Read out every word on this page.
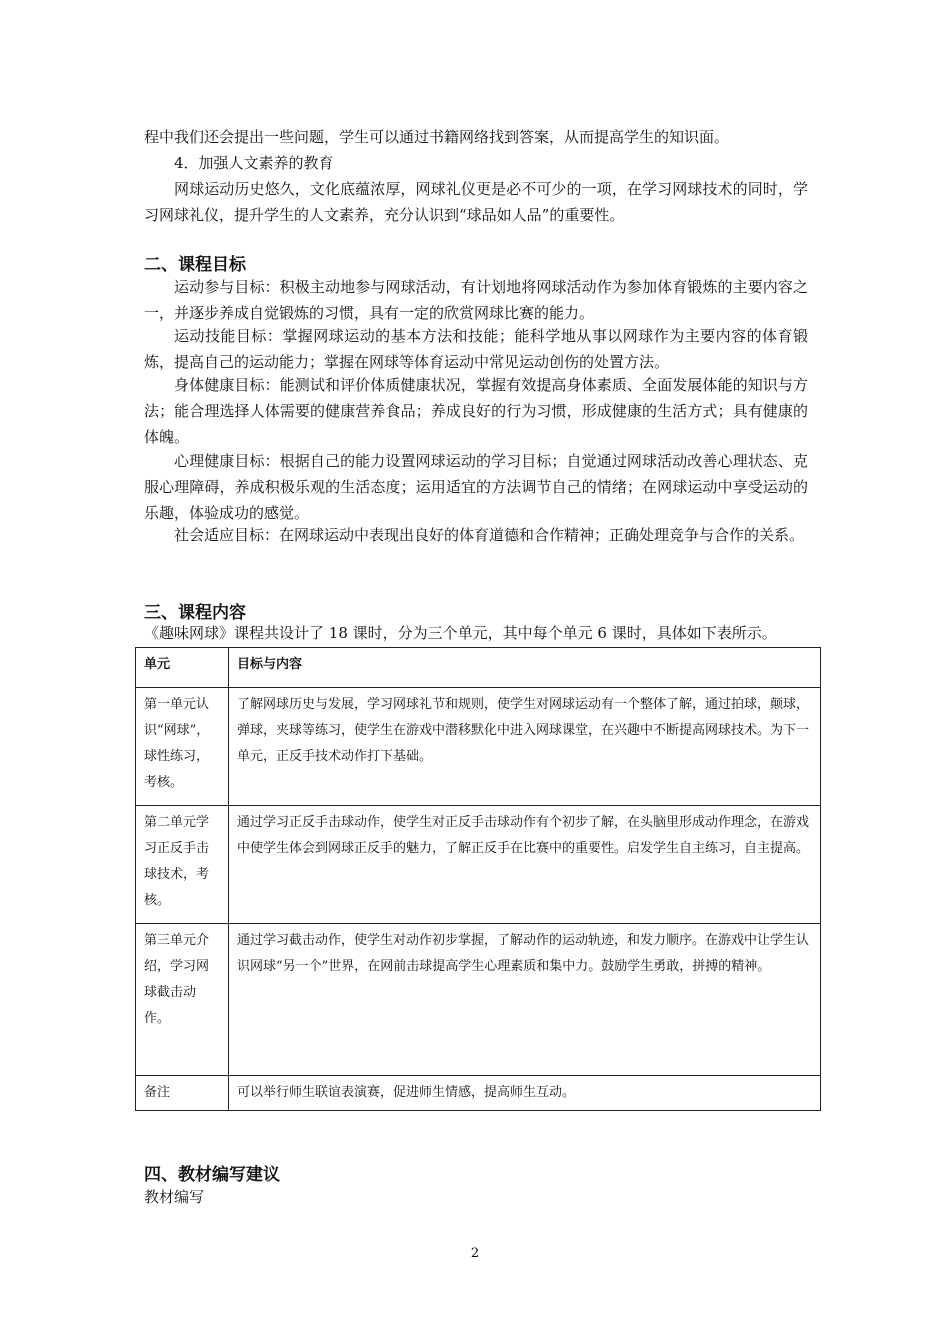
程中我们还会提出一些问题，学生可以通过书籍网络找到答案，从而提高学生的知识面。
4．加强人文素养的教育
网球运动历史悠久，文化底蕴浓厚，网球礼仪更是必不可少的一项，在学习网球技术的同时，学习网球礼仪，提升学生的人文素养，充分认识到“球品如人品”的重要性。
二、课程目标
运动参与目标：积极主动地参与网球活动，有计划地将网球活动作为参加体育锻炼的主要内容之一，并逐步养成自觉锻炼的习惯，具有一定的欣赏网球比赛的能力。
运动技能目标：掌握网球运动的基本方法和技能；能科学地从事以网球作为主要内容的体育锻炼，提高自己的运动能力；掌握在网球等体育运动中常见运动创伤的处置方法。
身体健康目标：能测试和评价体质健康状况，掌握有效提高身体素质、全面发展体能的知识与方法；能合理选择人体需要的健康营养食品；养成良好的行为习惯，形成健康的生活方式；具有健康的体魄。
心理健康目标：根据自己的能力设置网球运动的学习目标；自觉通过网球活动改善心理状态、克服心理障碍，养成积极乐观的生活态度；运用适宜的方法调节自己的情绪；在网球运动中享受运动的乐趣，体验成功的感觉。
社会适应目标：在网球运动中表现出良好的体育道德和合作精神；正确处理竞争与合作的关系。
三、课程内容
《趣味网球》课程共设计了 18 课时，分为三个单元，其中每个单元 6 课时，具体如下表所示。
四、教材编写建议
教材编写
单元	目标与内容
第一单元认识“网球”，球性练习，考核。	了解网球历史与发展，学习网球礼节和规则，使学生对网球运动有一个整体了解，通过拍球，颠球，弹球，夹球等练习，使学生在游戏中潜移默化中进入网球课堂，在兴趣中不断提高网球技术。为下一单元，正反手技术动作打下基础。
第二单元学习正反手击球技术，考核。	通过学习正反手击球动作，使学生对正反手击球动作有个初步了解，在头脑里形成动作理念，在游戏中使学生体会到网球正反手的魅力，了解正反手在比赛中的重要性。启发学生自主练习，自主提高。
第三单元介绍，学习网球截击动作。	通过学习截击动作，使学生对动作初步掌握，了解动作的运动轨迹，和发力顺序。在游戏中让学生认识网球“另一个”世界，在网前击球提高学生心理素质和集中力。鼓励学生勇敢，拼搏的精神。
备注	可以举行师生联谊表演赛，促进师生情感，提高师生互动。
2
